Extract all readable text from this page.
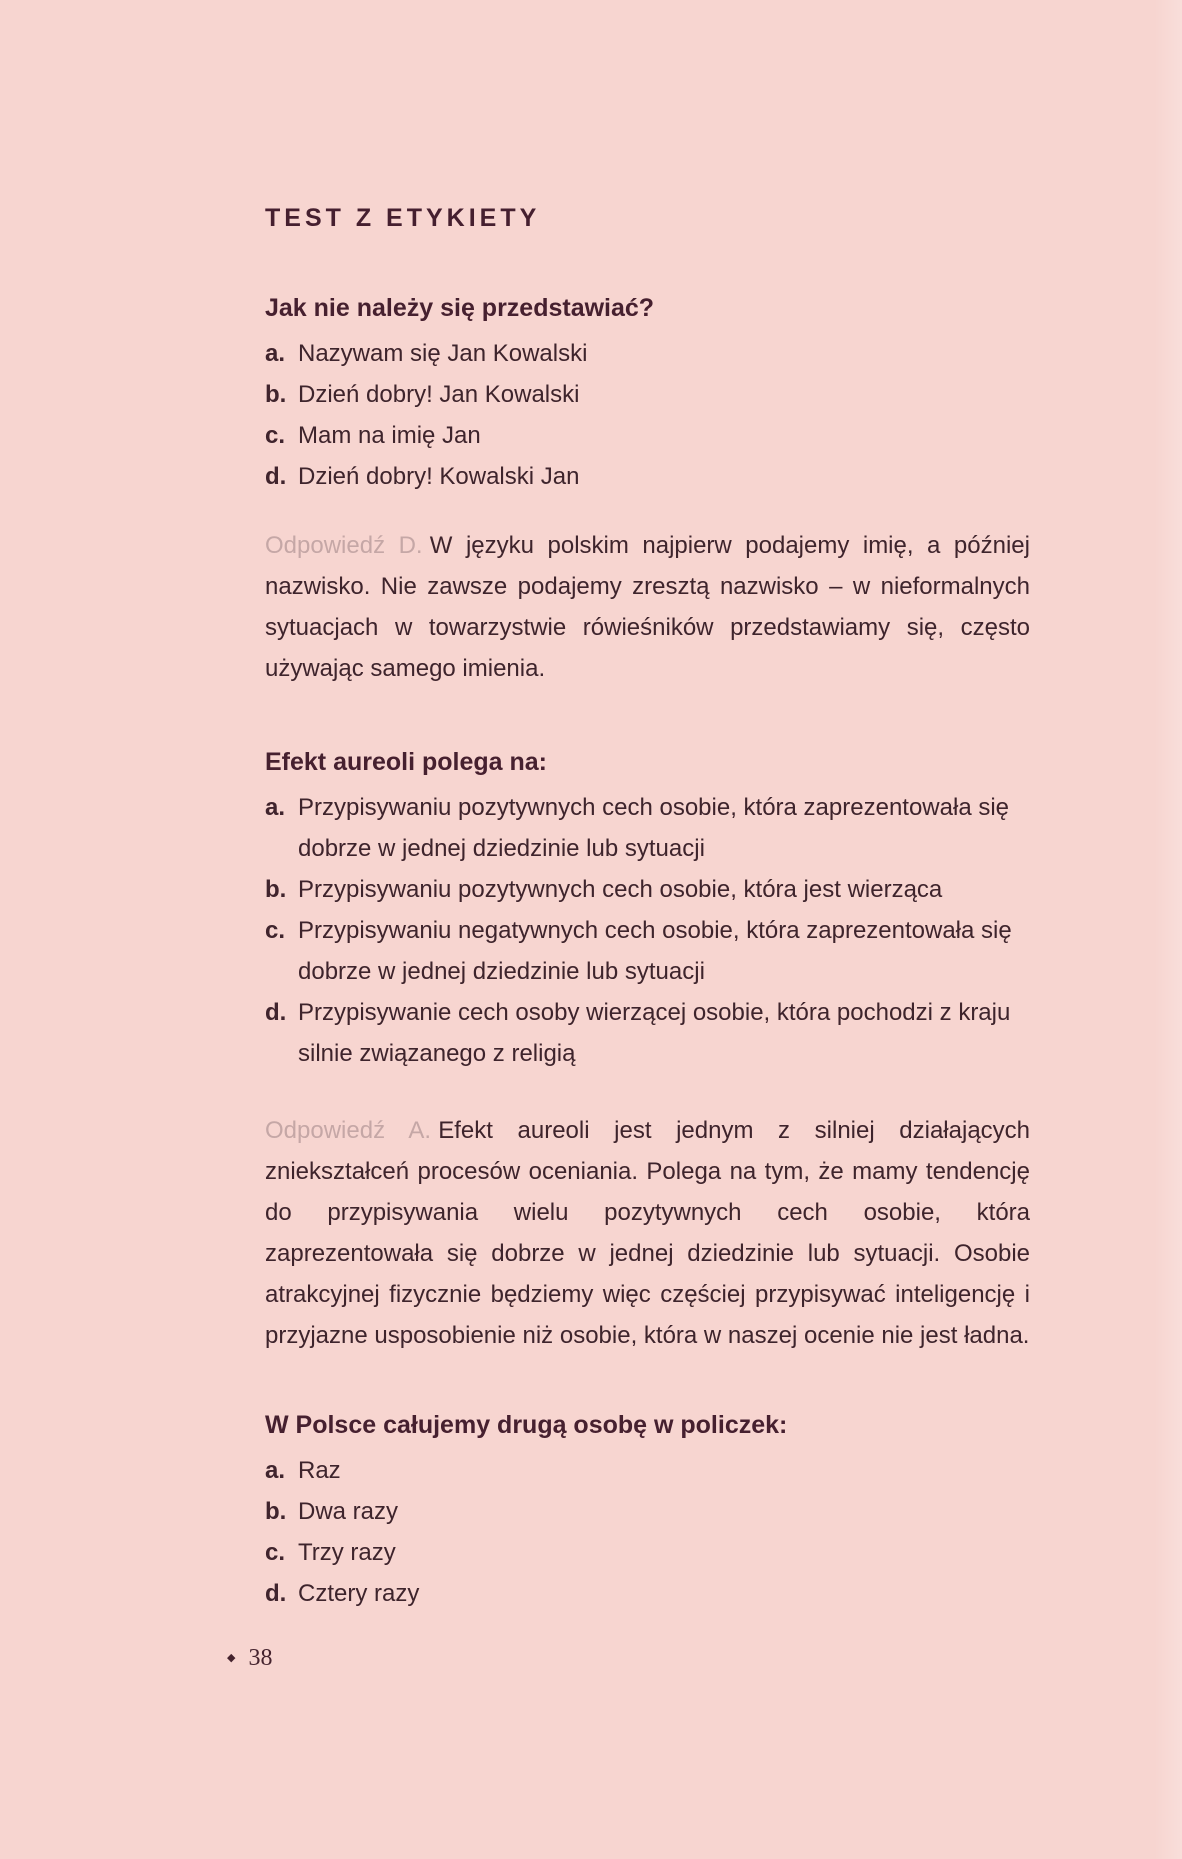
TEST Z ETYKIETY
Jak nie należy się przedstawiać?
a. Nazywam się Jan Kowalski
b. Dzień dobry! Jan Kowalski
c. Mam na imię Jan
d. Dzień dobry! Kowalski Jan

Odpowiedź D. W języku polskim najpierw podajemy imię, a później nazwisko. Nie zawsze podajemy zresztą nazwisko – w nieformalnych sytuacjach w towarzystwie rówieśników przedstawiamy się, często używając samego imienia.

Efekt aureoli polega na:
a. Przypisywaniu pozytywnych cech osobie, która zaprezentowała się dobrze w jednej dziedzinie lub sytuacji
b. Przypisywaniu pozytywnych cech osobie, która jest wierząca
c. Przypisywaniu negatywnych cech osobie, która zaprezentowała się dobrze w jednej dziedzinie lub sytuacji
d. Przypisywanie cech osoby wierzącej osobie, która pochodzi z kraju silnie związanego z religią

Odpowiedź A. Efekt aureoli jest jednym z silniej działających zniekształceń procesów oceniania. Polega na tym, że mamy tendencję do przypisywania wielu pozytywnych cech osobie, która zaprezentowała się dobrze w jednej dziedzinie lub sytuacji. Osobie atrakcyjnej fizycznie będziemy więc częściej przypisywać inteligencję i przyjazne usposobienie niż osobie, która w naszej ocenie nie jest ładna.

W Polsce całujemy drugą osobę w policzek:
a. Raz
b. Dwa razy
c. Trzy razy
d. Cztery razy
◆ 38
